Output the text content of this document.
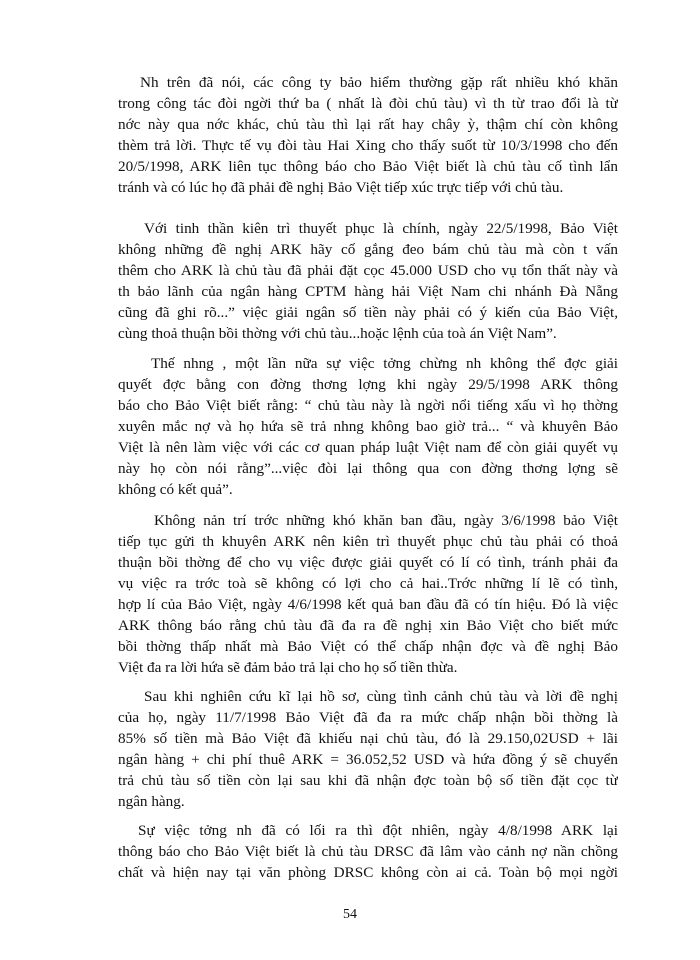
Nh trên đã nói, các công ty bảo hiểm thường gặp rất nhiều khó khăn
trong công tác đòi ngời thứ ba ( nhất là đòi chủ tàu) vì th từ trao đổi là từ
nớc này qua nớc khác, chủ tàu thì lại rất hay chây ỳ, thậm chí còn không
thèm trả lời. Thực tế vụ đòi tàu Hai Xing cho thấy suốt từ 10/3/1998 cho đến
20/5/1998, ARK liên tục thông báo cho Bảo Việt biết là chủ tàu cố tình lẩn
tránh và có lúc họ đã phải đề nghị Bảo Việt tiếp xúc trực tiếp với chủ tàu.
Với tinh thần kiên trì thuyết phục là chính, ngày 22/5/1998, Bảo Việt
không những đề nghị ARK hãy cố gắng đeo bám chủ tàu mà còn t vấn
thêm cho ARK là chủ tàu đã phải đặt cọc 45.000 USD cho vụ tổn thất này và
th bảo lãnh của ngân hàng CPTM hàng hải Việt Nam chi nhánh Đà Nẵng
cũng đã ghi rõ...” việc giải ngân số tiền này phải có ý kiến của Bảo Việt,
cùng thoả thuận bồi thờng với chủ tàu...hoặc lệnh của toà án Việt Nam”.
Thế nhng , một lần nữa sự việc tởng chừng nh không thể đợc giải
quyết đợc bằng con đờng thơng lợng khi ngày 29/5/1998 ARK thông
báo cho Bảo Việt biết rằng: “ chủ tàu này là ngời nổi tiếng xấu vì họ thờng
xuyên mắc nợ và họ hứa sẽ trả nhng không bao giờ trả... “ và khuyên Bảo
Việt là nên làm việc với các cơ quan pháp luật Việt nam để còn giải quyết vụ
này họ còn nói rằng”...việc đòi lại thông qua con đờng thơng lợng sẽ
không có kết quả”.
Không nản trí trớc những khó khăn ban đầu, ngày 3/6/1998 bảo Việt
tiếp tục gửi th khuyên ARK nên kiên trì thuyết phục chủ tàu phải có thoả
thuận bồi thờng để cho vụ việc được giải quyết có lí có tình, tránh phải đa
vụ việc ra trớc toà sẽ không có lợi cho cả hai..Trớc những lí lẽ có tình,
hợp lí của Bảo Việt, ngày 4/6/1998 kết quả ban đầu đã có tín hiệu. Đó là việc
ARK thông báo rằng chủ tàu đã đa ra đề nghị xin Bảo Việt cho biết mức
bồi thờng thấp nhất mà Bảo Việt có thể chấp nhận đợc và đề nghị Bảo
Việt đa ra lời hứa sẽ đảm bảo trả lại cho họ số tiền thừa.
Sau khi nghiên cứu kĩ lại hồ sơ, cùng tình cảnh chủ tàu và lời đề nghị
của họ, ngày 11/7/1998 Bảo Việt đã đa ra mức chấp nhận bồi thờng là
85% số tiền mà Bảo Việt đã khiếu nại chủ tàu, đó là 29.150,02USD + lãi
ngân hàng + chi phí thuê ARK = 36.052,52 USD và hứa đồng ý sẽ chuyển
trả chủ tàu số tiền còn lại sau khi đã nhận đợc toàn bộ số tiền đặt cọc từ
ngân hàng.
Sự việc tởng nh đã có lối ra thì đột nhiên, ngày 4/8/1998 ARK lại
thông báo cho Bảo Việt biết là chủ tàu DRSC đã lâm vào cảnh nợ nần chồng
chất và hiện nay tại văn phòng DRSC không còn ai cả. Toàn bộ mọi ngời
54
